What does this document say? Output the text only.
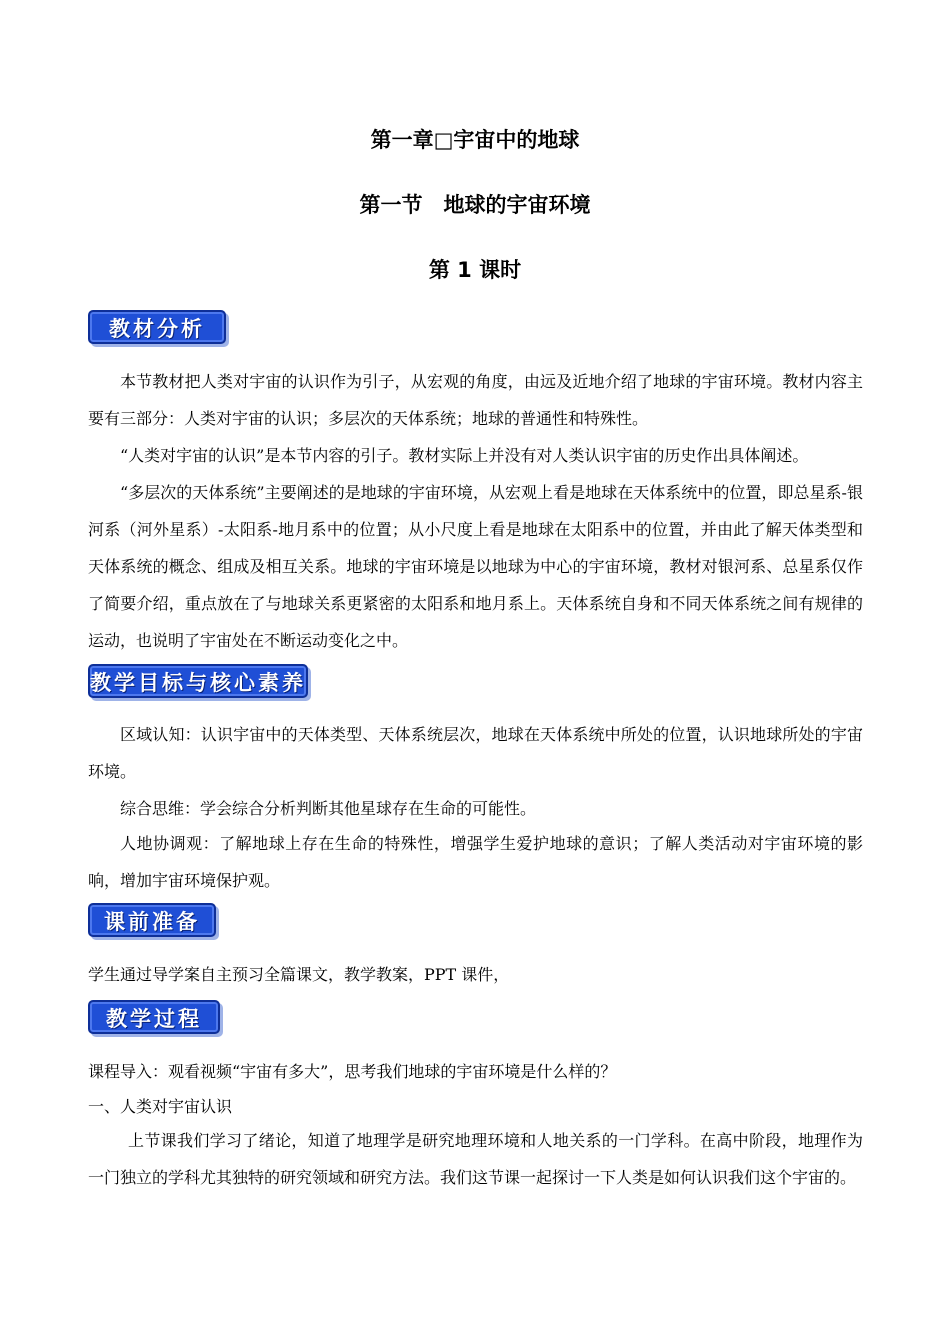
第一章□宇宙中的地球
第一节　地球的宇宙环境
第 1 课时
教材分析
本节教材把人类对宇宙的认识作为引子，从宏观的角度，由远及近地介绍了地球的宇宙环境。教材内容主要有三部分：人类对宇宙的认识；多层次的天体系统；地球的普通性和特殊性。
“人类对宇宙的认识”是本节内容的引子。教材实际上并没有对人类认识宇宙的历史作出具体阐述。
“多层次的天体系统”主要阐述的是地球的宇宙环境，从宏观上看是地球在天体系统中的位置，即总星系-银河系（河外星系）-太阳系-地月系中的位置；从小尺度上看是地球在太阳系中的位置，并由此了解天体类型和天体系统的概念、组成及相互关系。地球的宇宙环境是以地球为中心的宇宙环境，教材对银河系、总星系仅作了简要介绍，重点放在了与地球关系更紧密的太阳系和地月系上。天体系统自身和不同天体系统之间有规律的运动，也说明了宇宙处在不断运动变化之中。
教学目标与核心素养
区域认知：认识宇宙中的天体类型、天体系统层次，地球在天体系统中所处的位置，认识地球所处的宇宙环境。
综合思维：学会综合分析判断其他星球存在生命的可能性。
人地协调观：了解地球上存在生命的特殊性，增强学生爱护地球的意识；了解人类活动对宇宙环境的影响，增加宇宙环境保护观。
课前准备
学生通过导学案自主预习全篇课文，教学教案，PPT 课件，
教学过程
课程导入：观看视频“宇宙有多大”，思考我们地球的宇宙环境是什么样的？
一、人类对宇宙认识
上节课我们学习了绪论，知道了地理学是研究地理环境和人地关系的一门学科。在高中阶段，地理作为一门独立的学科尤其独特的研究领域和研究方法。我们这节课一起探讨一下人类是如何认识我们这个宇宙的。
